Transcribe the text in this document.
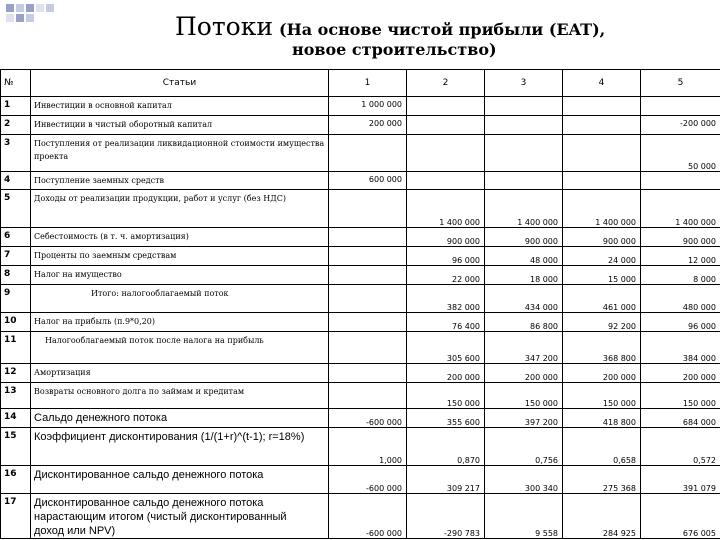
Потоки (На основе чистой прибыли (EAT),
новое строительство)
№	Статьи	1	2	3	4	5
1	Инвестиции в основной капитал	1 000 000				
2	Инвестиции в чистый оборотный капитал	200 000				-200 000
3	Поступления от реализации ликвидационной стоимости имущества проекта					50 000
4	Поступление заемных средств	600 000				
5	Доходы от реализации продукции, работ и услуг (без НДС)		1 400 000	1 400 000	1 400 000	1 400 000
6	Себестоимость (в т. ч. амортизация)		900 000	900 000	900 000	900 000
7	Проценты по заемным средствам		96 000	48 000	24 000	12 000
8	Налог на имущество		22 000	18 000	15 000	8 000
9	Итого: налогооблагаемый поток		382 000	434 000	461 000	480 000
10	Налог на прибыль (п.9*0,20)		76 400	86 800	92 200	96 000
11	Налогооблагаемый поток после налога на прибыль		305 600	347 200	368 800	384 000
12	Амортизация		200 000	200 000	200 000	200 000
13	Возвраты основного долга по займам и кредитам		150 000	150 000	150 000	150 000
14	Сальдо денежного потока	-600 000	355 600	397 200	418 800	684 000
15	Коэффициент дисконтирования (1/(1+r)^(t-1); r=18%)	1,000	0,870	0,756	0,658	0,572
16	Дисконтированное сальдо денежного потока	-600 000	309 217	300 340	275 368	391 079
17	Дисконтированное сальдо денежного потока нарастающим итогом (чистый дисконтированный доход или NPV)	-600 000	-290 783	9 558	284 925	676 005
